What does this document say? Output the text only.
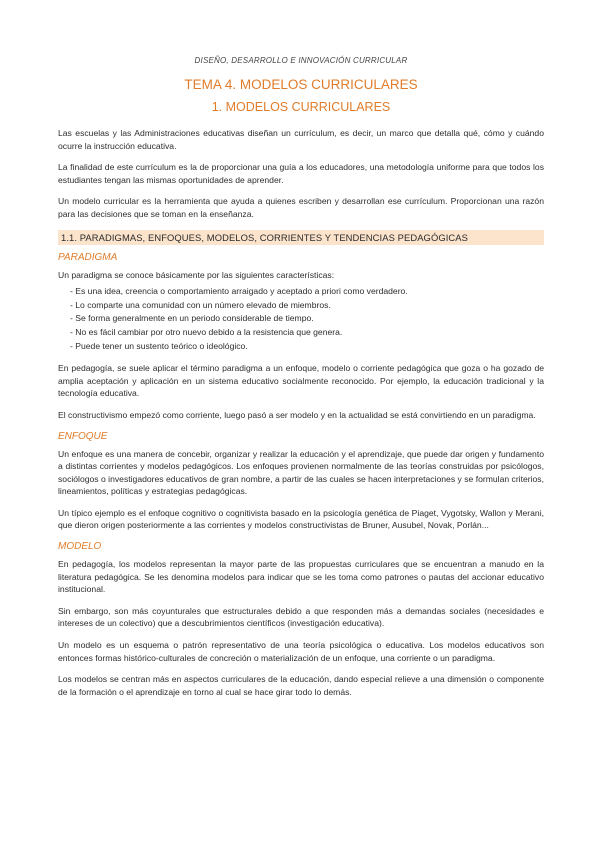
DISEÑO, DESARROLLO E INNOVACIÓN CURRICULAR
TEMA 4. MODELOS CURRICULARES
1. MODELOS CURRICULARES

Las escuelas y las Administraciones educativas diseñan un currículum, es decir, un marco que detalla qué, cómo y cuándo ocurre la instrucción educativa.

La finalidad de este currículum es la de proporcionar una guía a los educadores, una metodología uniforme para que todos los estudiantes tengan las mismas oportunidades de aprender.

Un modelo curricular es la herramienta que ayuda a quienes escriben y desarrollan ese currículum. Proporcionan una razón para las decisiones que se toman en la enseñanza.

1.1. PARADIGMAS, ENFOQUES, MODELOS, CORRIENTES Y TENDENCIAS PEDAGÓGICAS
PARADIGMA

Un paradigma se conoce básicamente por las siguientes características:

- Es una idea, creencia o comportamiento arraigado y aceptado a priori como verdadero.
- Lo comparte una comunidad con un número elevado de miembros.
- Se forma generalmente en un periodo considerable de tiempo.
- No es fácil cambiar por otro nuevo debido a la resistencia que genera.
- Puede tener un sustento teórico o ideológico.

En pedagogía, se suele aplicar el término paradigma a un enfoque, modelo o corriente pedagógica que goza o ha gozado de amplia aceptación y aplicación en un sistema educativo socialmente reconocido. Por ejemplo, la educación tradicional y la tecnología educativa.

El constructivismo empezó como corriente, luego pasó a ser modelo y en la actualidad se está convirtiendo en un paradigma.

ENFOQUE

Un enfoque es una manera de concebir, organizar y realizar la educación y el aprendizaje, que puede dar origen y fundamento a distintas corrientes y modelos pedagógicos. Los enfoques provienen normalmente de las teorías construidas por psicólogos, sociólogos o investigadores educativos de gran nombre, a partir de las cuales se hacen interpretaciones y se formulan criterios, lineamientos, políticas y estrategias pedagógicas.

Un típico ejemplo es el enfoque cognitivo o cognitivista basado en la psicología genética de Piaget, Vygotsky, Wallon y Merani, que dieron origen posteriormente a las corrientes y modelos constructivistas de Bruner, Ausubel, Novak, Porlán...

MODELO

En pedagogía, los modelos representan la mayor parte de las propuestas curriculares que se encuentran a manudo en la literatura pedagógica. Se les denomina modelos para indicar que se les toma como patrones o pautas del accionar educativo institucional.

Sin embargo, son más coyunturales que estructurales debido a que responden más a demandas sociales (necesidades e intereses de un colectivo) que a descubrimientos científicos (investigación educativa).

Un modelo es un esquema o patrón representativo de una teoría psicológica o educativa. Los modelos educativos son entonces formas histórico-culturales de concreción o materialización de un enfoque, una corriente o un paradigma.

Los modelos se centran más en aspectos curriculares de la educación, dando especial relieve a una dimensión o componente de la formación o el aprendizaje en torno al cual se hace girar todo lo demás.
